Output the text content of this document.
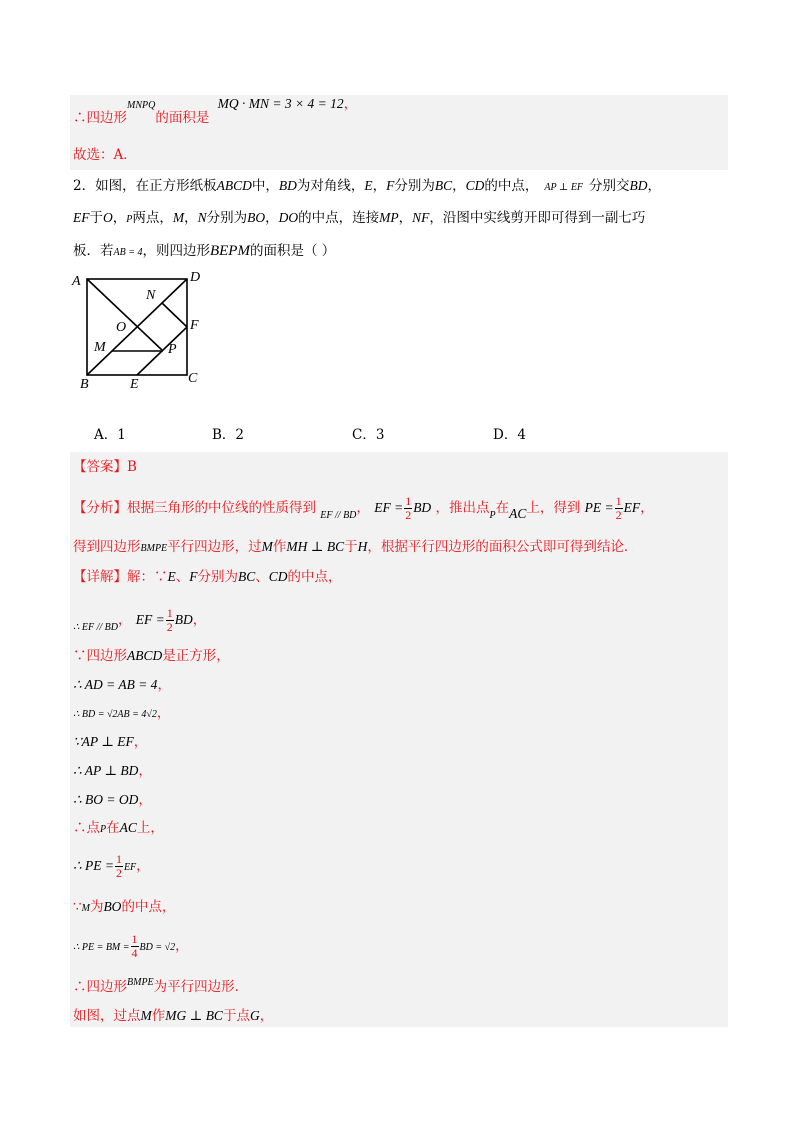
∴四边形$^{MNPQ}$的面积是 MQ · MN = 3 × 4 = 12，
故选：A．
2．如图，在正方形纸板ABCD中，BD为对角线，E，F分别为BC，CD的中点， AP ⊥ EF 分别交BD，
EF于O，P两点，M，N分别为BO，DO的中点，连接MP，NF，沿图中实线剪开即可得到一副七巧
板．若AB = 4，则四边形BEPM的面积是（ ）
A	D
N
F
O
M	P
B	E	C
A．1	B．2	C．3	D．4
【答案】B
【分析】根据三角形的中位线的性质得到 $_{EF // BD}$， EF = $\frac{1}{2}$ BD ，推出点$_P$在AC上，得到 PE = $\frac{1}{2}$ EF，
得到四边形BMPE平行四边形，过M作MH ⊥ BC于H，根据平行四边形的面积公式即可得到结论．
【详解】解：∵E、F分别为BC、CD的中点，
$_{\therefore EF // BD}$， EF = $\frac{1}{2}$ BD，
∵四边形ABCD是正方形，
∴ AD = AB = 4，
∴ BD = √2AB = 4√2，
∵AP ⊥ EF，
∴ AP ⊥ BD，
∴ BO = OD，
∴点P在AC上，
∴ PE = $\frac{1}{2}$ EF，
∵M为BO的中点，
∴ PE = BM = $\frac{1}{4}$ BD = √2，
∴四边形$^{BMPE}$为平行四边形．
如图，过点M作MG ⊥ BC于点G，
